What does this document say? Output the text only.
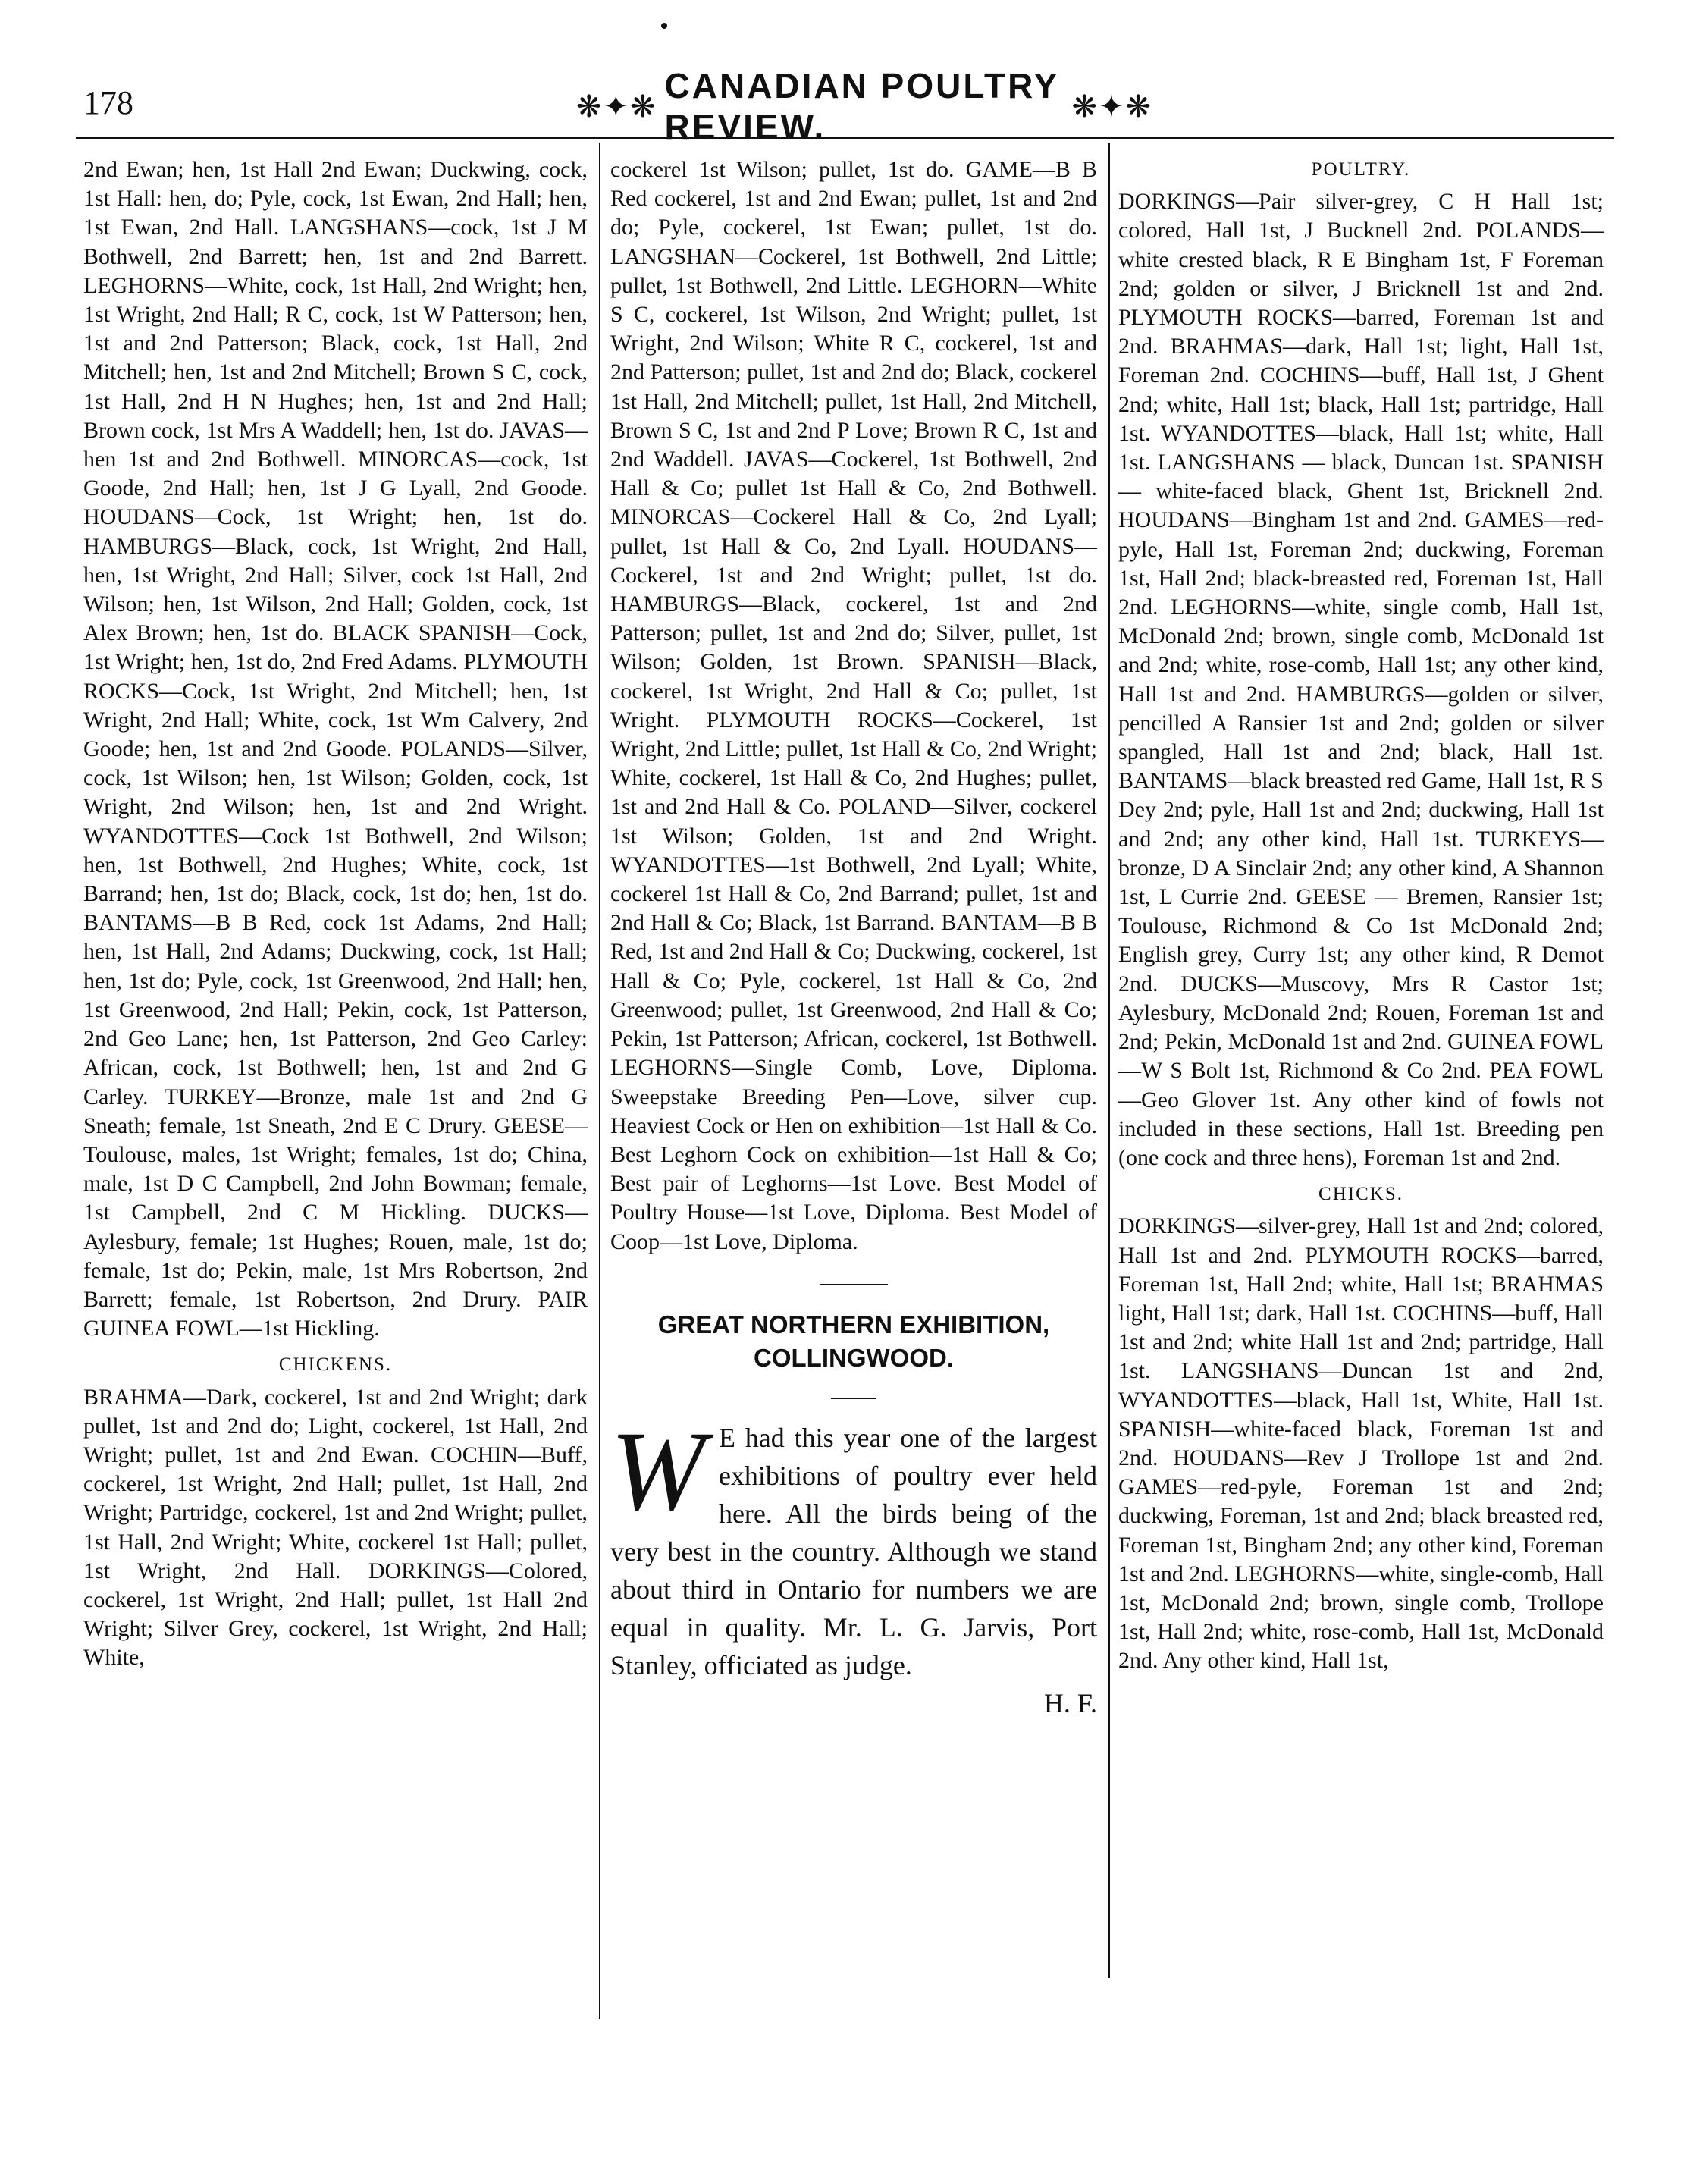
178	❋✦❋
CANADIAN POULTRY REVIEW.
❋✦❋

2nd Ewan; hen, 1st Hall 2nd Ewan; Duckwing, cock, 1st Hall: hen, do; Pyle, cock, 1st Ewan, 2nd Hall; hen, 1st Ewan, 2nd Hall. LANGSHANS—cock, 1st J M Bothwell, 2nd Barrett; hen, 1st and 2nd Barrett. LEGHORNS—White, cock, 1st Hall, 2nd Wright; hen, 1st Wright, 2nd Hall; R C, cock, 1st W Patterson; hen, 1st and 2nd Patterson; Black, cock, 1st Hall, 2nd Mitchell; hen, 1st and 2nd Mitchell; Brown S C, cock, 1st Hall, 2nd H N Hughes; hen, 1st and 2nd Hall; Brown cock, 1st Mrs A Waddell; hen, 1st do. JAVAS—hen 1st and 2nd Bothwell. MINORCAS—cock, 1st Goode, 2nd Hall; hen, 1st J G Lyall, 2nd Goode. HOUDANS—Cock, 1st Wright; hen, 1st do. HAMBURGS—Black, cock, 1st Wright, 2nd Hall, hen, 1st Wright, 2nd Hall; Silver, cock 1st Hall, 2nd Wilson; hen, 1st Wilson, 2nd Hall; Golden, cock, 1st Alex Brown; hen, 1st do. BLACK SPANISH—Cock, 1st Wright; hen, 1st do, 2nd Fred Adams. PLYMOUTH ROCKS—Cock, 1st Wright, 2nd Mitchell; hen, 1st Wright, 2nd Hall; White, cock, 1st Wm Calvery, 2nd Goode; hen, 1st and 2nd Goode. POLANDS—Silver, cock, 1st Wilson; hen, 1st Wilson; Golden, cock, 1st Wright, 2nd Wilson; hen, 1st and 2nd Wright. WYANDOTTES—Cock 1st Bothwell, 2nd Wilson; hen, 1st Bothwell, 2nd Hughes; White, cock, 1st Barrand; hen, 1st do; Black, cock, 1st do; hen, 1st do. BANTAMS—B B Red, cock 1st Adams, 2nd Hall; hen, 1st Hall, 2nd Adams; Duckwing, cock, 1st Hall; hen, 1st do; Pyle, cock, 1st Greenwood, 2nd Hall; hen, 1st Greenwood, 2nd Hall; Pekin, cock, 1st Patterson, 2nd Geo Lane; hen, 1st Patterson, 2nd Geo Carley: African, cock, 1st Bothwell; hen, 1st and 2nd G Carley. TURKEY—Bronze, male 1st and 2nd G Sneath; female, 1st Sneath, 2nd E C Drury. GEESE—Toulouse, males, 1st Wright; females, 1st do; China, male, 1st D C Campbell, 2nd John Bowman; female, 1st Campbell, 2nd C M Hickling. DUCKS—Aylesbury, female; 1st Hughes; Rouen, male, 1st do; female, 1st do; Pekin, male, 1st Mrs Robertson, 2nd Barrett; female, 1st Robertson, 2nd Drury. PAIR GUINEA FOWL—1st Hickling.

CHICKENS.

BRAHMA—Dark, cockerel, 1st and 2nd Wright; dark pullet, 1st and 2nd do; Light, cockerel, 1st Hall, 2nd Wright; pullet, 1st and 2nd Ewan. COCHIN—Buff, cockerel, 1st Wright, 2nd Hall; pullet, 1st Hall, 2nd Wright; Partridge, cockerel, 1st and 2nd Wright; pullet, 1st Hall, 2nd Wright; White, cockerel 1st Hall; pullet, 1st Wright, 2nd Hall. DORKINGS—Colored, cockerel, 1st Wright, 2nd Hall; pullet, 1st Hall 2nd Wright; Silver Grey, cockerel, 1st Wright, 2nd Hall; White,

cockerel 1st Wilson; pullet, 1st do. GAME—B B Red cockerel, 1st and 2nd Ewan; pullet, 1st and 2nd do; Pyle, cockerel, 1st Ewan; pullet, 1st do. LANGSHAN—Cockerel, 1st Bothwell, 2nd Little; pullet, 1st Bothwell, 2nd Little. LEGHORN—White S C, cockerel, 1st Wilson, 2nd Wright; pullet, 1st Wright, 2nd Wilson; White R C, cockerel, 1st and 2nd Patterson; pullet, 1st and 2nd do; Black, cockerel 1st Hall, 2nd Mitchell; pullet, 1st Hall, 2nd Mitchell, Brown S C, 1st and 2nd P Love; Brown R C, 1st and 2nd Waddell. JAVAS—Cockerel, 1st Bothwell, 2nd Hall & Co; pullet 1st Hall & Co, 2nd Bothwell. MINORCAS—Cockerel Hall & Co, 2nd Lyall; pullet, 1st Hall & Co, 2nd Lyall. HOUDANS—Cockerel, 1st and 2nd Wright; pullet, 1st do. HAMBURGS—Black, cockerel, 1st and 2nd Patterson; pullet, 1st and 2nd do; Silver, pullet, 1st Wilson; Golden, 1st Brown. SPANISH—Black, cockerel, 1st Wright, 2nd Hall & Co; pullet, 1st Wright. PLYMOUTH ROCKS—Cockerel, 1st Wright, 2nd Little; pullet, 1st Hall & Co, 2nd Wright; White, cockerel, 1st Hall & Co, 2nd Hughes; pullet, 1st and 2nd Hall & Co. POLAND—Silver, cockerel 1st Wilson; Golden, 1st and 2nd Wright. WYANDOTTES—1st Bothwell, 2nd Lyall; White, cockerel 1st Hall & Co, 2nd Barrand; pullet, 1st and 2nd Hall & Co; Black, 1st Barrand. BANTAM—B B Red, 1st and 2nd Hall & Co; Duckwing, cockerel, 1st Hall & Co; Pyle, cockerel, 1st Hall & Co, 2nd Greenwood; pullet, 1st Greenwood, 2nd Hall & Co; Pekin, 1st Patterson; African, cockerel, 1st Bothwell. LEGHORNS—Single Comb, Love, Diploma. Sweepstake Breeding Pen—Love, silver cup. Heaviest Cock or Hen on exhibition—1st Hall & Co. Best Leghorn Cock on exhibition—1st Hall & Co; Best pair of Leghorns—1st Love. Best Model of Poultry House—1st Love, Diploma. Best Model of Coop—1st Love, Diploma.

GREAT NORTHERN EXHIBITION,
COLLINGWOOD.

W E had this year one of the largest exhibitions of poultry ever held here. All the birds being of the very best in the country. Although we stand about third in Ontario for numbers we are equal in quality. Mr. L. G. Jarvis, Port Stanley, officiated as judge.

H. F.

POULTRY.

DORKINGS—Pair silver-grey, C H Hall 1st; colored, Hall 1st, J Bucknell 2nd. POLANDS—white crested black, R E Bingham 1st, F Foreman 2nd; golden or silver, J Bricknell 1st and 2nd. PLYMOUTH ROCKS—barred, Foreman 1st and 2nd. BRAHMAS—dark, Hall 1st; light, Hall 1st, Foreman 2nd. COCHINS—buff, Hall 1st, J Ghent 2nd; white, Hall 1st; black, Hall 1st; partridge, Hall 1st. WYANDOTTES—black, Hall 1st; white, Hall 1st. LANGSHANS — black, Duncan 1st. SPANISH — white-faced black, Ghent 1st, Bricknell 2nd. HOUDANS—Bingham 1st and 2nd. GAMES—red-pyle, Hall 1st, Foreman 2nd; duckwing, Foreman 1st, Hall 2nd; black-breasted red, Foreman 1st, Hall 2nd. LEGHORNS—white, single comb, Hall 1st, McDonald 2nd; brown, single comb, McDonald 1st and 2nd; white, rose-comb, Hall 1st; any other kind, Hall 1st and 2nd. HAMBURGS—golden or silver, pencilled A Ransier 1st and 2nd; golden or silver spangled, Hall 1st and 2nd; black, Hall 1st. BANTAMS—black breasted red Game, Hall 1st, R S Dey 2nd; pyle, Hall 1st and 2nd; duckwing, Hall 1st and 2nd; any other kind, Hall 1st. TURKEYS—bronze, D A Sinclair 2nd; any other kind, A Shannon 1st, L Currie 2nd. GEESE — Bremen, Ransier 1st; Toulouse, Richmond & Co 1st McDonald 2nd; English grey, Curry 1st; any other kind, R Demot 2nd. DUCKS—Muscovy, Mrs R Castor 1st; Aylesbury, McDonald 2nd; Rouen, Foreman 1st and 2nd; Pekin, McDonald 1st and 2nd. GUINEA FOWL—W S Bolt 1st, Richmond & Co 2nd. PEA FOWL—Geo Glover 1st. Any other kind of fowls not included in these sections, Hall 1st. Breeding pen (one cock and three hens), Foreman 1st and 2nd.

CHICKS.

DORKINGS—silver-grey, Hall 1st and 2nd; colored, Hall 1st and 2nd. PLYMOUTH ROCKS—barred, Foreman 1st, Hall 2nd; white, Hall 1st; BRAHMAS light, Hall 1st; dark, Hall 1st. COCHINS—buff, Hall 1st and 2nd; white Hall 1st and 2nd; partridge, Hall 1st. LANGSHANS—Duncan 1st and 2nd, WYANDOTTES—black, Hall 1st, White, Hall 1st. SPANISH—white-faced black, Foreman 1st and 2nd. HOUDANS—Rev J Trollope 1st and 2nd. GAMES—red-pyle, Foreman 1st and 2nd; duckwing, Foreman, 1st and 2nd; black breasted red, Foreman 1st, Bingham 2nd; any other kind, Foreman 1st and 2nd. LEGHORNS—white, single-comb, Hall 1st, McDonald 2nd; brown, single comb, Trollope 1st, Hall 2nd; white, rose-comb, Hall 1st, McDonald 2nd. Any other kind, Hall 1st,
